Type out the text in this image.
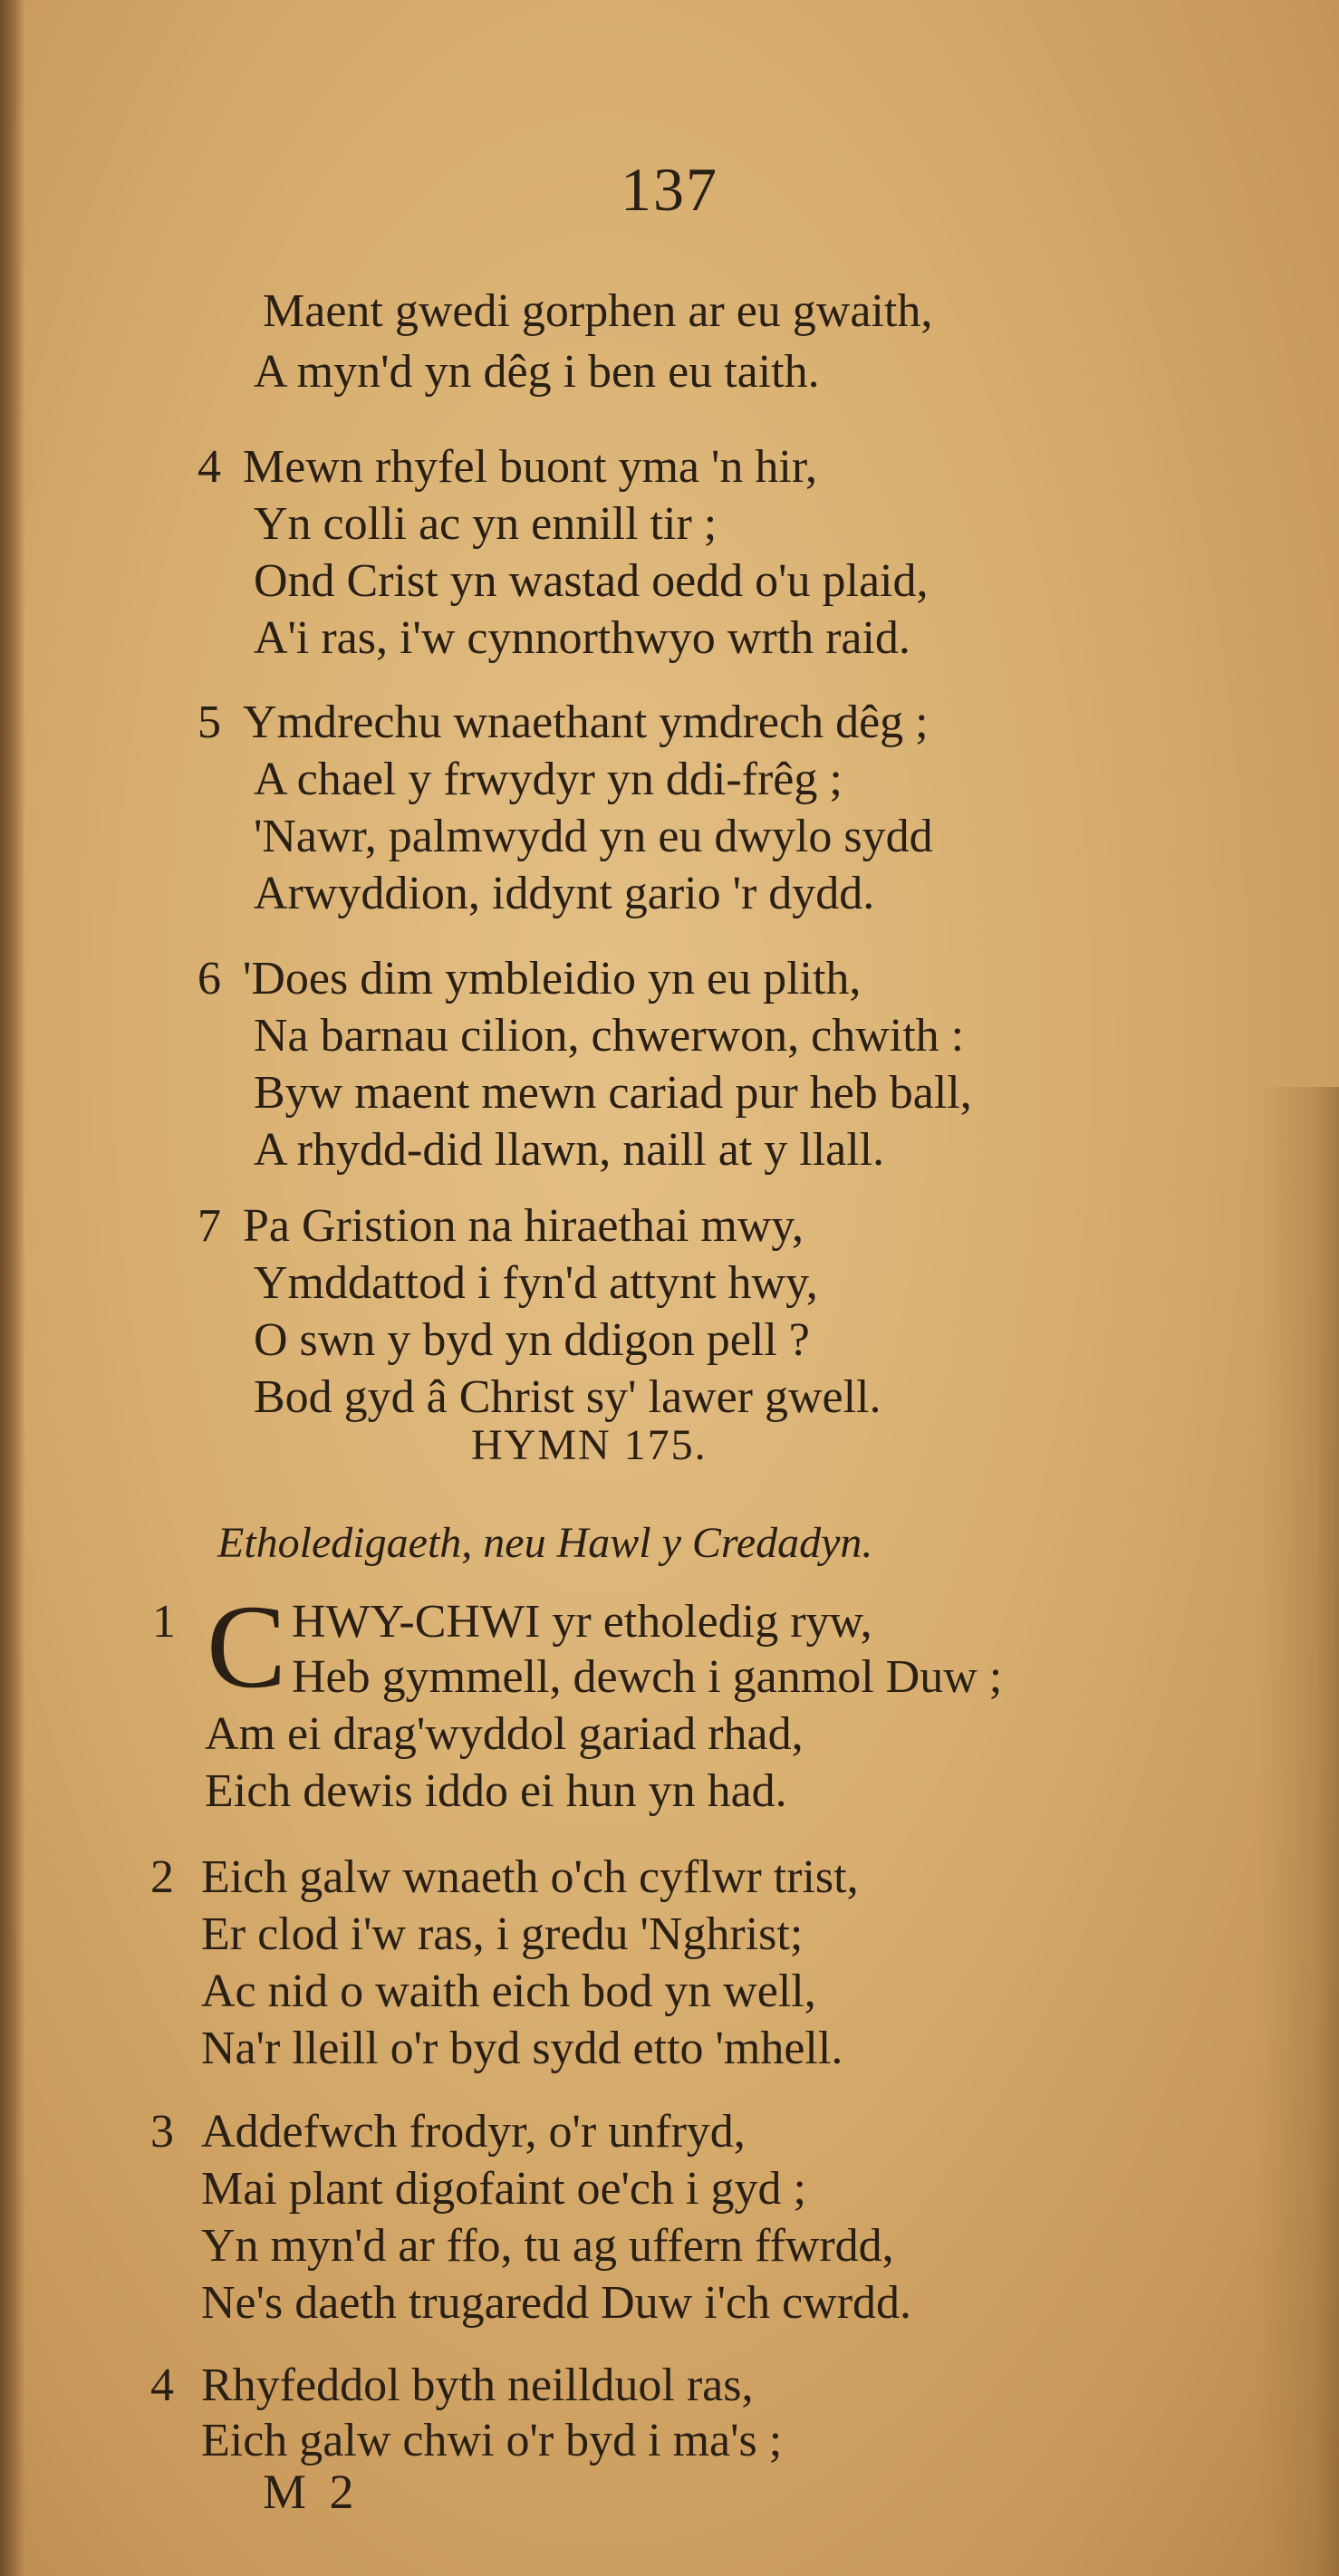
137
Maent gwedi gorphen ar eu gwaith,
A myn'd yn dêg i ben eu taith.
4 Mewn rhyfel buont yma 'n hir,
Yn colli ac yn ennill tir ;
Ond Crist yn wastad oedd o'u plaid,
A'i ras, i'w cynnorthwyo wrth raid.
5 Ymdrechu wnaethant ymdrech dêg ;
A chael y frwydyr yn ddi-frêg ;
'Nawr, palmwydd yn eu dwylo sydd
Arwyddion, iddynt gario 'r dydd.
6 'Does dim ymbleidio yn eu plith,
Na barnau cilion, chwerwon, chwith :
Byw maent mewn cariad pur heb ball,
A rhydd-did llawn, naill at y llall.
7 Pa Gristion na hiraethai mwy,
Ymddattod i fyn'd attynt hwy,
O swn y byd yn ddigon pell ?
Bod gyd â Christ sy' lawer gwell.
HYMN 175.
Etholedigaeth, neu Hawl y Credadyn.
1 C HWY-CHWI yr etholedig ryw,
Heb gymmell, dewch i ganmol Duw ;
Am ei drag'wyddol gariad rhad,
Eich dewis iddo ei hun yn had.
2 Eich galw wnaeth o'ch cyflwr trist,
Er clod i'w ras, i gredu 'Nghrist;
Ac nid o waith eich bod yn well,
Na'r lleill o'r byd sydd etto 'mhell.
3 Addefwch frodyr, o'r unfryd,
Mai plant digofaint oe'ch i gyd ;
Yn myn'd ar ffo, tu ag uffern ffwrdd,
Ne's daeth trugaredd Duw i'ch cwrdd.
4 Rhyfeddol byth neillduol ras,
Eich galw chwi o'r byd i ma's ;
M 2
